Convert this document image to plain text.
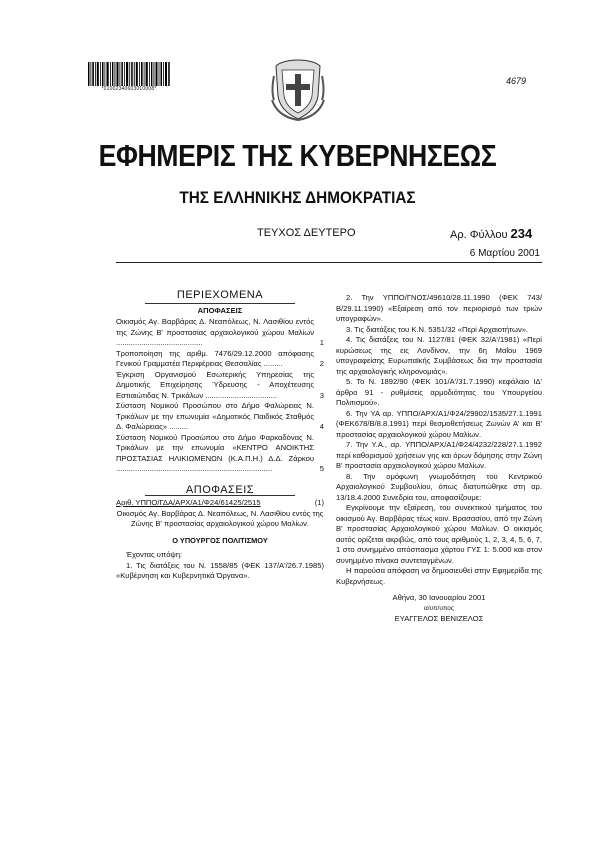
*01002340603010008*
4679
ΕΦΗΜΕΡΙΣ ΤΗΣ ΚΥΒΕΡΝΗΣΕΩΣ
ΤΗΣ ΕΛΛΗΝΙΚΗΣ ΔΗΜΟΚΡΑΤΙΑΣ
ΤΕΥΧΟΣ ΔΕΥΤΕΡΟ	Αρ. Φύλλου 234
6 Μαρτίου 2001
ΠΕΡΙΕΧΟΜΕΝΑ
ΑΠΟΦΑΣΕΙΣ
Οικισμός Αγ. Βαρβάρας Δ. Νεαπόλεως, Ν. Λασιθίου εντός της Ζώνης Β' προστασίας αρχαιολογικού χώρου Μαλίων .........................................	1
Τροποποίηση της αριθμ. 7476/29.12.2000 απόφασης Γενικού Γραμματέα Περιφέρειας Θεσσαλίας .........	2
Έγκριση Οργανισμού Εσωτερικής Υπηρεσίας της Δημοτικής Επιχείρησης Ύδρευσης - Αποχέτευσης Εστιαιώτιδας Ν. Τρικάλων ..................................	3
Σύσταση Νομικού Προσώπου στο Δήμο Φαλώρειας Ν. Τρικάλων με την επωνυμία «Δημοτικός Παιδικός Σταθμός Δ. Φαλώρειας» .........	4
Σύσταση Νομικού Προσώπου στο Δήμο Φαρκαδόνας Ν. Τρικάλων με την επωνυμία «ΚΕΝΤΡΟ ΑΝΟΙΚΤΗΣ ΠΡΟΣΤΑΣΙΑΣ ΗΛΙΚΙΩΜΕΝΩΝ (Κ.Α.Π.Η.) Δ.Δ. Ζάρκου ..........................................................................	5
ΑΠΟΦΑΣΕΙΣ
Αριθ. ΥΠΠΟ/ΓΔΑ/ΑΡΧ/Α1/Φ24/61425/2515	(1)
Οικισμός Αγ. Βαρβάρας Δ. Νεαπόλεως, Ν. Λασιθίου εντός της Ζώνης Β' προστασίας αρχαιολογικού χώρου Μαλίων.
Ο ΥΠΟΥΡΓΟΣ ΠΟΛΙΤΙΣΜΟΥ
Έχοντας υπόψη:
1. Τις διατάξεις του Ν. 1558/85 (ΦΕΚ 137/Α'/26.7.1985) «Κυβέρνηση και Κυβερνητικά Όργανα».
2. Την ΥΠΠΟ/ΓΝΟΣ/49610/28.11.1990 (ΦΕΚ 743/Β/29.11.1990) «Εξαίρεση από τον περιορισμό των τριών υπογραφών».
3. Τις διατάξεις του Κ.Ν. 5351/32 «Περί Αρχαιοτήτων».
4. Τις διατάξεις του Ν. 1127/81 (ΦΕΚ 32/Α'/1981) «Περί κυρώσεως της εις Λονδίνον, την 6η Μαΐου 1969 υπογραφείσης Ευρωπαϊκής Συμβάσεως δια την προστασία της αρχαιολογικής κληρονομιάς».
5. Το Ν. 1892/90 (ΦΕΚ 101/Α'/31.7.1990) κεφάλαιο ΙΔ' άρθρο 91 - ρυθμίσεις αρμοδιότητας του Υπουργείου Πολιτισμού».
6. Την ΥΑ αρ. ΥΠΠΟ/ΑΡΧ/Α1/Φ24/29902/1535/27.1.1991 (ΦΕΚ678/Β/8.8.1991) περί θεσμοθετήσεως Ζωνών Α' και Β' προστασίας αρχαιολογικού χώρου Μαλίων.
7. Την Υ.Α., αρ. ΥΠΠΟ/ΑΡΧ/Α1/Φ24/4232/228/27.1.1992 περί καθορισμού χρήσεων γης και όρων δόμησης στην Ζώνη Β' προστασία αρχαιολογικού χώρου Μαλίων.
8. Την ομόφωνη γνωμοδότηση του Κεντρικού Αρχαιολογικού Συμβουλίου, όπως διατυπώθηκε στη αρ. 13/18.4.2000 Συνεδρία του, αποφασίζουμε:
Εγκρίνουμε την εξαίρεση, του συνεκτικού τμήματος του οικισμού Αγ. Βαρβάρας τέως κοιν. Βρασασίου, από την Ζώνη Β' προστασίας Αρχαιολογικού χώρου Μαλίων. Ο οικισμός αυτός ορίζεται ακριβώς, από τους αριθμούς 1, 2, 3, 4, 5, 6, 7, 1 στο συνημμένο απόσπασμα χάρτου ΓΥΣ 1: 5.000 και στον συνημμένο πίνακα συντεταγμένων.
Η παρούσα απόφαση να δημοσιευθεί στην Εφημερίδα της Κυβερνήσεως.
Αθήνα, 30 Ιανουαρίου 2001
α/υπ/υπος
ΕΥΑΓΓΕΛΟΣ ΒΕΝΙΖΕΛΟΣ
